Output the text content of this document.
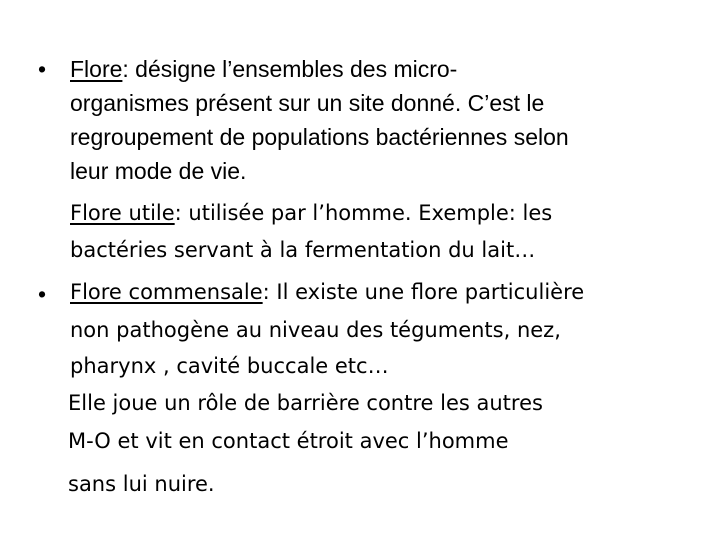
• Flore: désigne l’ensembles des micro-
organismes présent sur un site donné. C’est le
regroupement de populations bactériennes selon
leur mode de vie.
Flore utile: utilisée par l’homme. Exemple: les
bactéries servant à la fermentation du lait…
• Flore commensale: Il existe une flore particulière
non pathogène au niveau des téguments, nez,
pharynx , cavité buccale etc…
Elle joue un rôle de barrière contre les autres
M-O et vit en contact étroit avec l’homme
sans lui nuire.
